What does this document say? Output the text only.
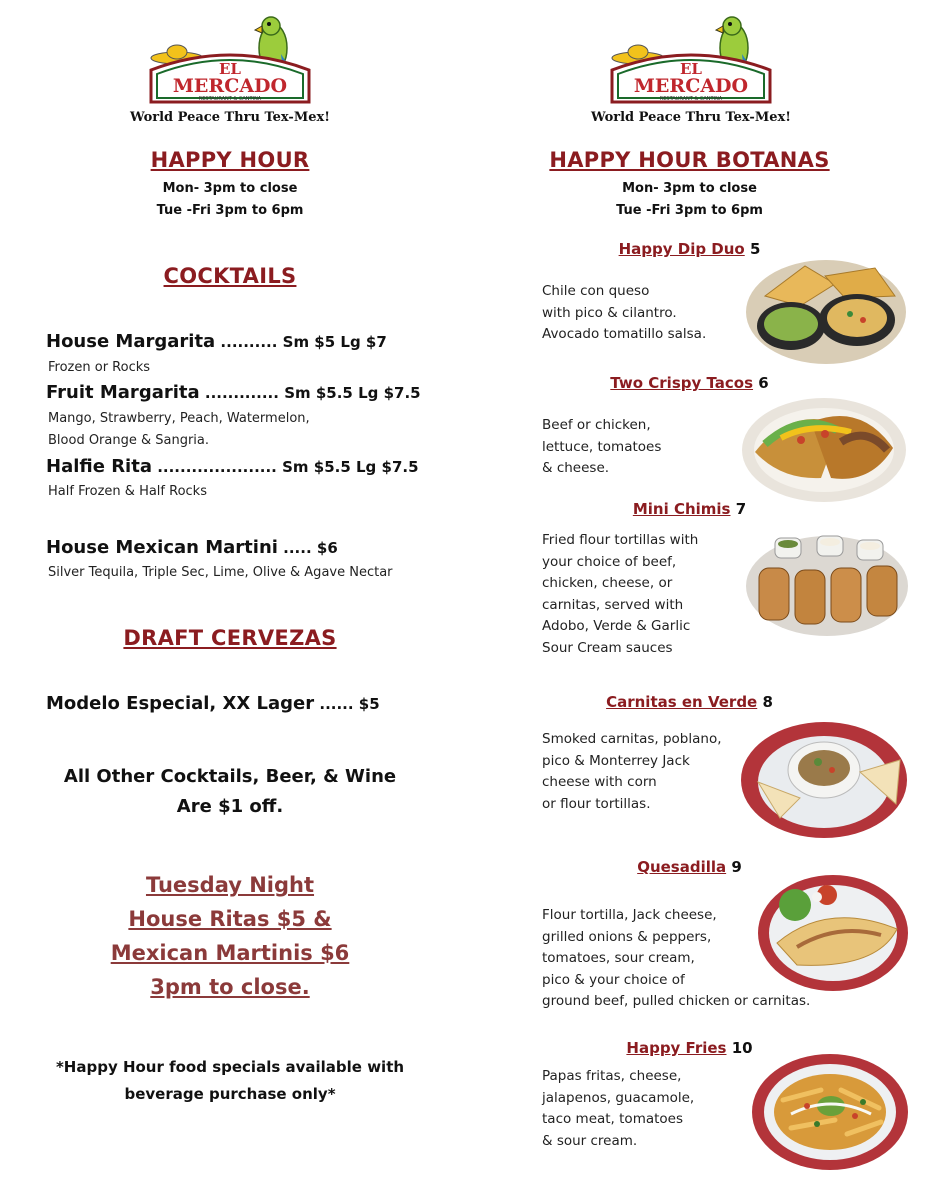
EL
MERCADO
RESTAURANT & CANTINA
World Peace Thru Tex-Mex!
HAPPY HOUR
Mon- 3pm to close
Tue -Fri 3pm to 6pm
COCKTAILS
House Margarita .......... Sm $5 Lg $7
Frozen or Rocks
Fruit Margarita ............. Sm $5.5 Lg $7.5
Mango, Strawberry, Peach, Watermelon,
Blood Orange & Sangria.
Halfie Rita ..................... Sm $5.5 Lg $7.5
Half Frozen & Half Rocks
House Mexican Martini ..... $6
Silver Tequila, Triple Sec, Lime, Olive & Agave Nectar
DRAFT CERVEZAS
Modelo Especial, XX Lager ...... $5
All Other Cocktails, Beer, & Wine
Are $1 off.
Tuesday Night
House Ritas $5 &
Mexican Martinis $6
3pm to close.
*Happy Hour food specials available with
beverage purchase only*
EL
MERCADO
RESTAURANT & CANTINA
World Peace Thru Tex-Mex!
HAPPY HOUR BOTANAS
Mon- 3pm to close
Tue -Fri 3pm to 6pm
Happy Dip Duo 5
Chile con queso
with pico & cilantro.
Avocado tomatillo salsa.
Two Crispy Tacos 6
Beef or chicken,
lettuce, tomatoes
& cheese.
Mini Chimis 7
Fried flour tortillas with
your choice of beef,
chicken, cheese, or
carnitas, served with
Adobo, Verde & Garlic
Sour Cream sauces
Carnitas en Verde 8
Smoked carnitas, poblano,
pico & Monterrey Jack
cheese with corn
or flour tortillas.
Quesadilla 9
Flour tortilla, Jack cheese,
grilled onions & peppers,
tomatoes, sour cream,
pico & your choice of
ground beef, pulled chicken or carnitas.
Happy Fries 10
Papas fritas, cheese,
jalapenos, guacamole,
taco meat, tomatoes
& sour cream.
